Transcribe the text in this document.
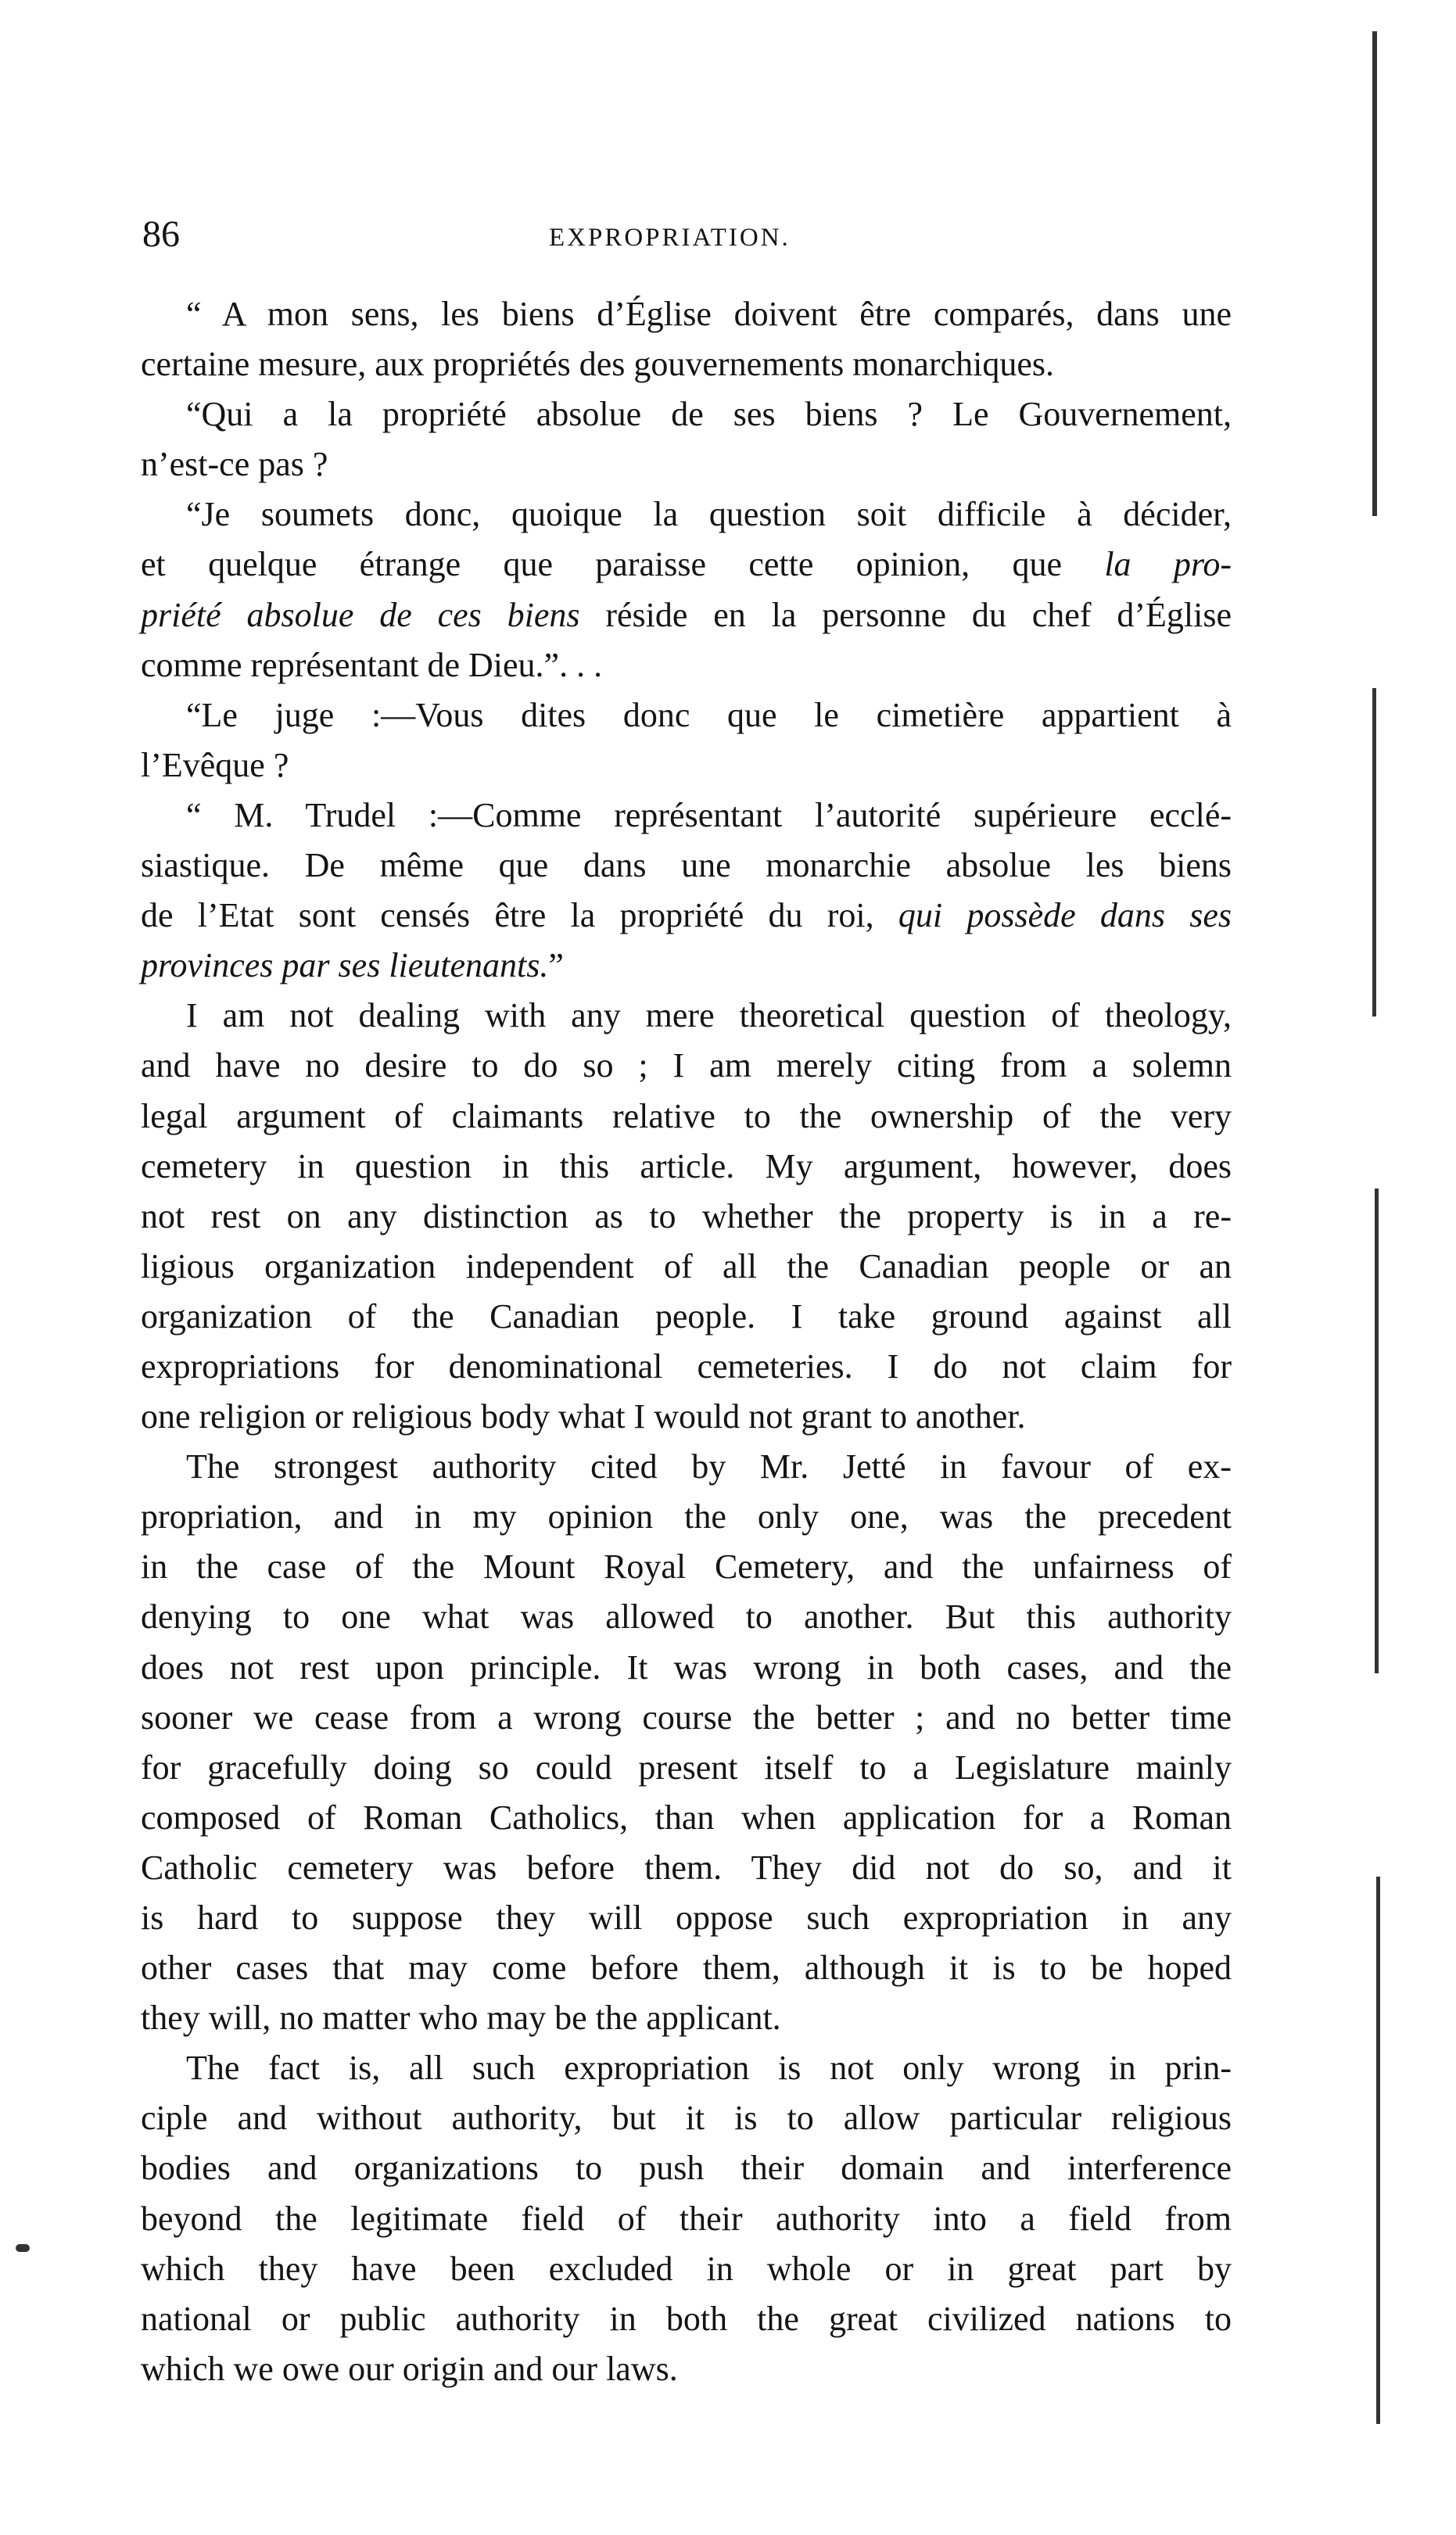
86	EXPROPRIATION.
“ A mon sens, les biens d’Église doivent être comparés, dans une
certaine mesure, aux propriétés des gouvernements monarchiques.
“Qui a la propriété absolue de ses biens ? Le Gouvernement,
n’est-ce pas ?
“Je soumets donc, quoique la question soit difficile à décider,
et quelque étrange que paraisse cette opinion, que la pro-
priété absolue de ces biens réside en la personne du chef d’Église
comme représentant de Dieu.”. . .
“Le juge :—Vous dites donc que le cimetière appartient à
l’Evêque ?
“ M. Trudel :—Comme représentant l’autorité supérieure ecclé-
siastique. De même que dans une monarchie absolue les biens
de l’Etat sont censés être la propriété du roi, qui possède dans ses
provinces par ses lieutenants.”
I am not dealing with any mere theoretical question of theology,
and have no desire to do so ; I am merely citing from a solemn
legal argument of claimants relative to the ownership of the very
cemetery in question in this article. My argument, however, does
not rest on any distinction as to whether the property is in a re-
ligious organization independent of all the Canadian people or an
organization of the Canadian people. I take ground against all
expropriations for denominational cemeteries. I do not claim for
one religion or religious body what I would not grant to another.
The strongest authority cited by Mr. Jetté in favour of ex-
propriation, and in my opinion the only one, was the precedent
in the case of the Mount Royal Cemetery, and the unfairness of
denying to one what was allowed to another. But this authority
does not rest upon principle. It was wrong in both cases, and the
sooner we cease from a wrong course the better ; and no better time
for gracefully doing so could present itself to a Legislature mainly
composed of Roman Catholics, than when application for a Roman
Catholic cemetery was before them. They did not do so, and it
is hard to suppose they will oppose such expropriation in any
other cases that may come before them, although it is to be hoped
they will, no matter who may be the applicant.
The fact is, all such expropriation is not only wrong in prin-
ciple and without authority, but it is to allow particular religious
bodies and organizations to push their domain and interference
beyond the legitimate field of their authority into a field from
which they have been excluded in whole or in great part by
national or public authority in both the great civilized nations to
which we owe our origin and our laws.
